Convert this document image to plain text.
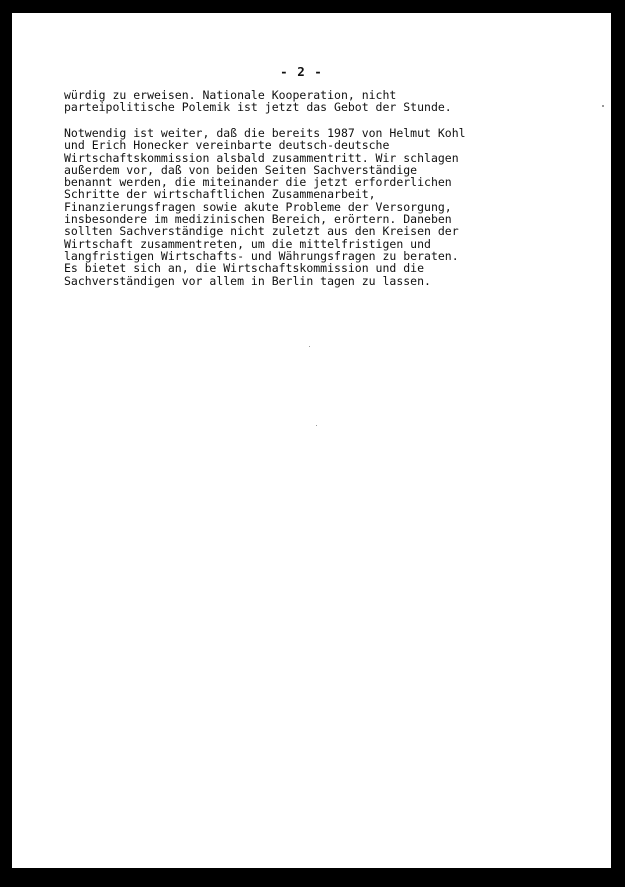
- 2 -
würdig zu erweisen. Nationale Kooperation, nicht
parteipolitische Polemik ist jetzt das Gebot der Stunde.
Notwendig ist weiter, daß die bereits 1987 von Helmut Kohl
und Erich Honecker vereinbarte deutsch-deutsche
Wirtschaftskommission alsbald zusammentritt. Wir schlagen
außerdem vor, daß von beiden Seiten Sachverständige
benannt werden, die miteinander die jetzt erforderlichen
Schritte der wirtschaftlichen Zusammenarbeit,
Finanzierungsfragen sowie akute Probleme der Versorgung,
insbesondere im medizinischen Bereich, erörtern. Daneben
sollten Sachverständige nicht zuletzt aus den Kreisen der
Wirtschaft zusammentreten, um die mittelfristigen und
langfristigen Wirtschafts- und Währungsfragen zu beraten.
Es bietet sich an, die Wirtschaftskommission und die
Sachverständigen vor allem in Berlin tagen zu lassen.
